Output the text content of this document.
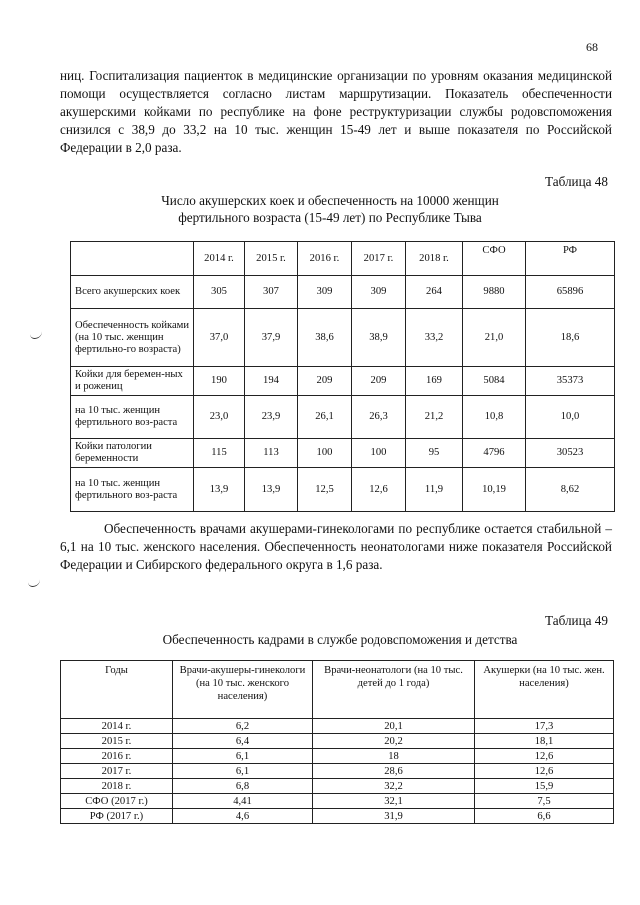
68

ниц. Госпитализация пациенток в медицинские организации по уровням оказания медицинской помощи осуществляется согласно листам маршрутизации. Показатель обеспеченности акушерскими койками по республике на фоне реструктуризации службы родовспоможения снизился с 38,9 до 33,2 на 10 тыс. женщин 15-49 лет и выше показателя по Российской Федерации в 2,0 раза.

Таблица 48
Число акушерских коек и обеспеченность на 10000 женщин
фертильного возраста (15-49 лет) по Республике Тыва
	2014 г.	2015 г.	2016 г.	2017 г.	2018 г.	СФО	РФ
Всего акушерских коек	305	307	309	309	264	9880	65896
Обеспеченность койками (на 10 тыс. женщин фертильно-го возраста)	37,0	37,9	38,6	38,9	33,2	21,0	18,6
Койки для беремен-ных и рожениц	190	194	209	209	169	5084	35373
на 10 тыс. женщин фертильного воз-раста	23,0	23,9	26,1	26,3	21,2	10,8	10,0
Койки патологии беременности	115	113	100	100	95	4796	30523
на 10 тыс. женщин фертильного воз-раста	13,9	13,9	12,5	12,6	11,9	10,19	8,62

Обеспеченность врачами акушерами-гинекологами по республике остается стабильной – 6,1 на 10 тыс. женского населения. Обеспеченность неонатологами ниже показателя Российской Федерации и Сибирского федерального округа в 1,6 раза.

Таблица 49
Обеспеченность кадрами в службе родовспоможения и детства
Годы	Врачи-акушеры-гинекологи (на 10 тыс. женского населения)	Врачи-неонатологи (на 10 тыс. детей до 1 года)	Акушерки (на 10 тыс. жен. населения)
2014 г.	6,2	20,1	17,3
2015 г.	6,4	20,2	18,1
2016 г.	6,1	18	12,6
2017 г.	6,1	28,6	12,6
2018 г.	6,8	32,2	15,9
СФО (2017 г.)	4,41	32,1	7,5
РФ (2017 г.)	4,6	31,9	6,6
